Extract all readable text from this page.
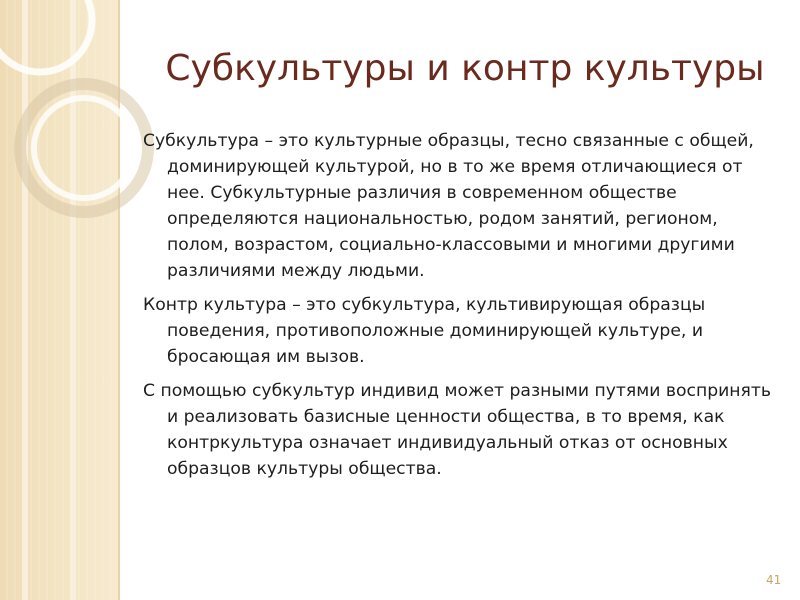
Субкультуры и контр культуры

Субкультура – это культурные образцы, тесно связанные с общей, доминирующей культурой, но в то же время отличающиеся от нее. Субкультурные различия в современном обществе определяются национальностью, родом занятий, регионом, полом, возрастом, социально-классовыми и многими другими различиями между людьми.

Контр культура – это субкультура, культивирующая образцы поведения, противоположные доминирующей культуре, и бросающая им вызов.

С помощью субкультур индивид может разными путями воспринять и реализовать базисные ценности общества, в то время, как контркультура означает индивидуальный отказ от основных образцов культуры общества.

41
